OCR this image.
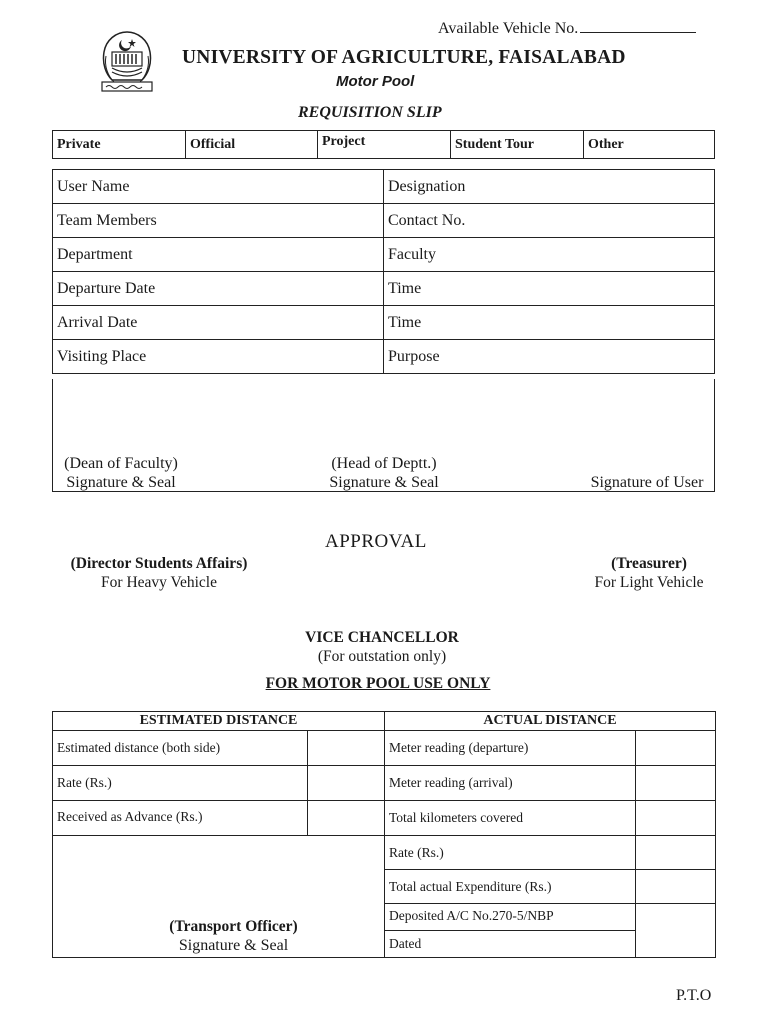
Available Vehicle No.
UNIVERSITY OF AGRICULTURE, FAISALABAD
Motor Pool
REQUISITION SLIP
Private	Official	Project	Student Tour	Other
User Name	Designation
Team Members	Contact No.
Department	Faculty
Departure Date	Time
Arrival Date	Time
Visiting Place	Purpose
(Dean of Faculty)
Signature & Seal
(Head of Deptt.)
Signature & Seal	Signature of User
APPROVAL
(Director Students Affairs)
For Heavy Vehicle
(Treasurer)
For Light Vehicle
VICE CHANCELLOR
(For outstation only)
FOR MOTOR POOL USE ONLY
ESTIMATED DISTANCE		ACTUAL DISTANCE	
Estimated distance (both side)		Meter reading (departure)	
Rate (Rs.)		Meter reading (arrival)	
Received as Advance (Rs.)		Total kilometers covered	

(Transport Officer)
Signature & Seal		Rate (Rs.)	
		Total actual Expenditure (Rs.)	
		Deposited A/C No.270-5/NBP	
		Dated	
P.T.O
